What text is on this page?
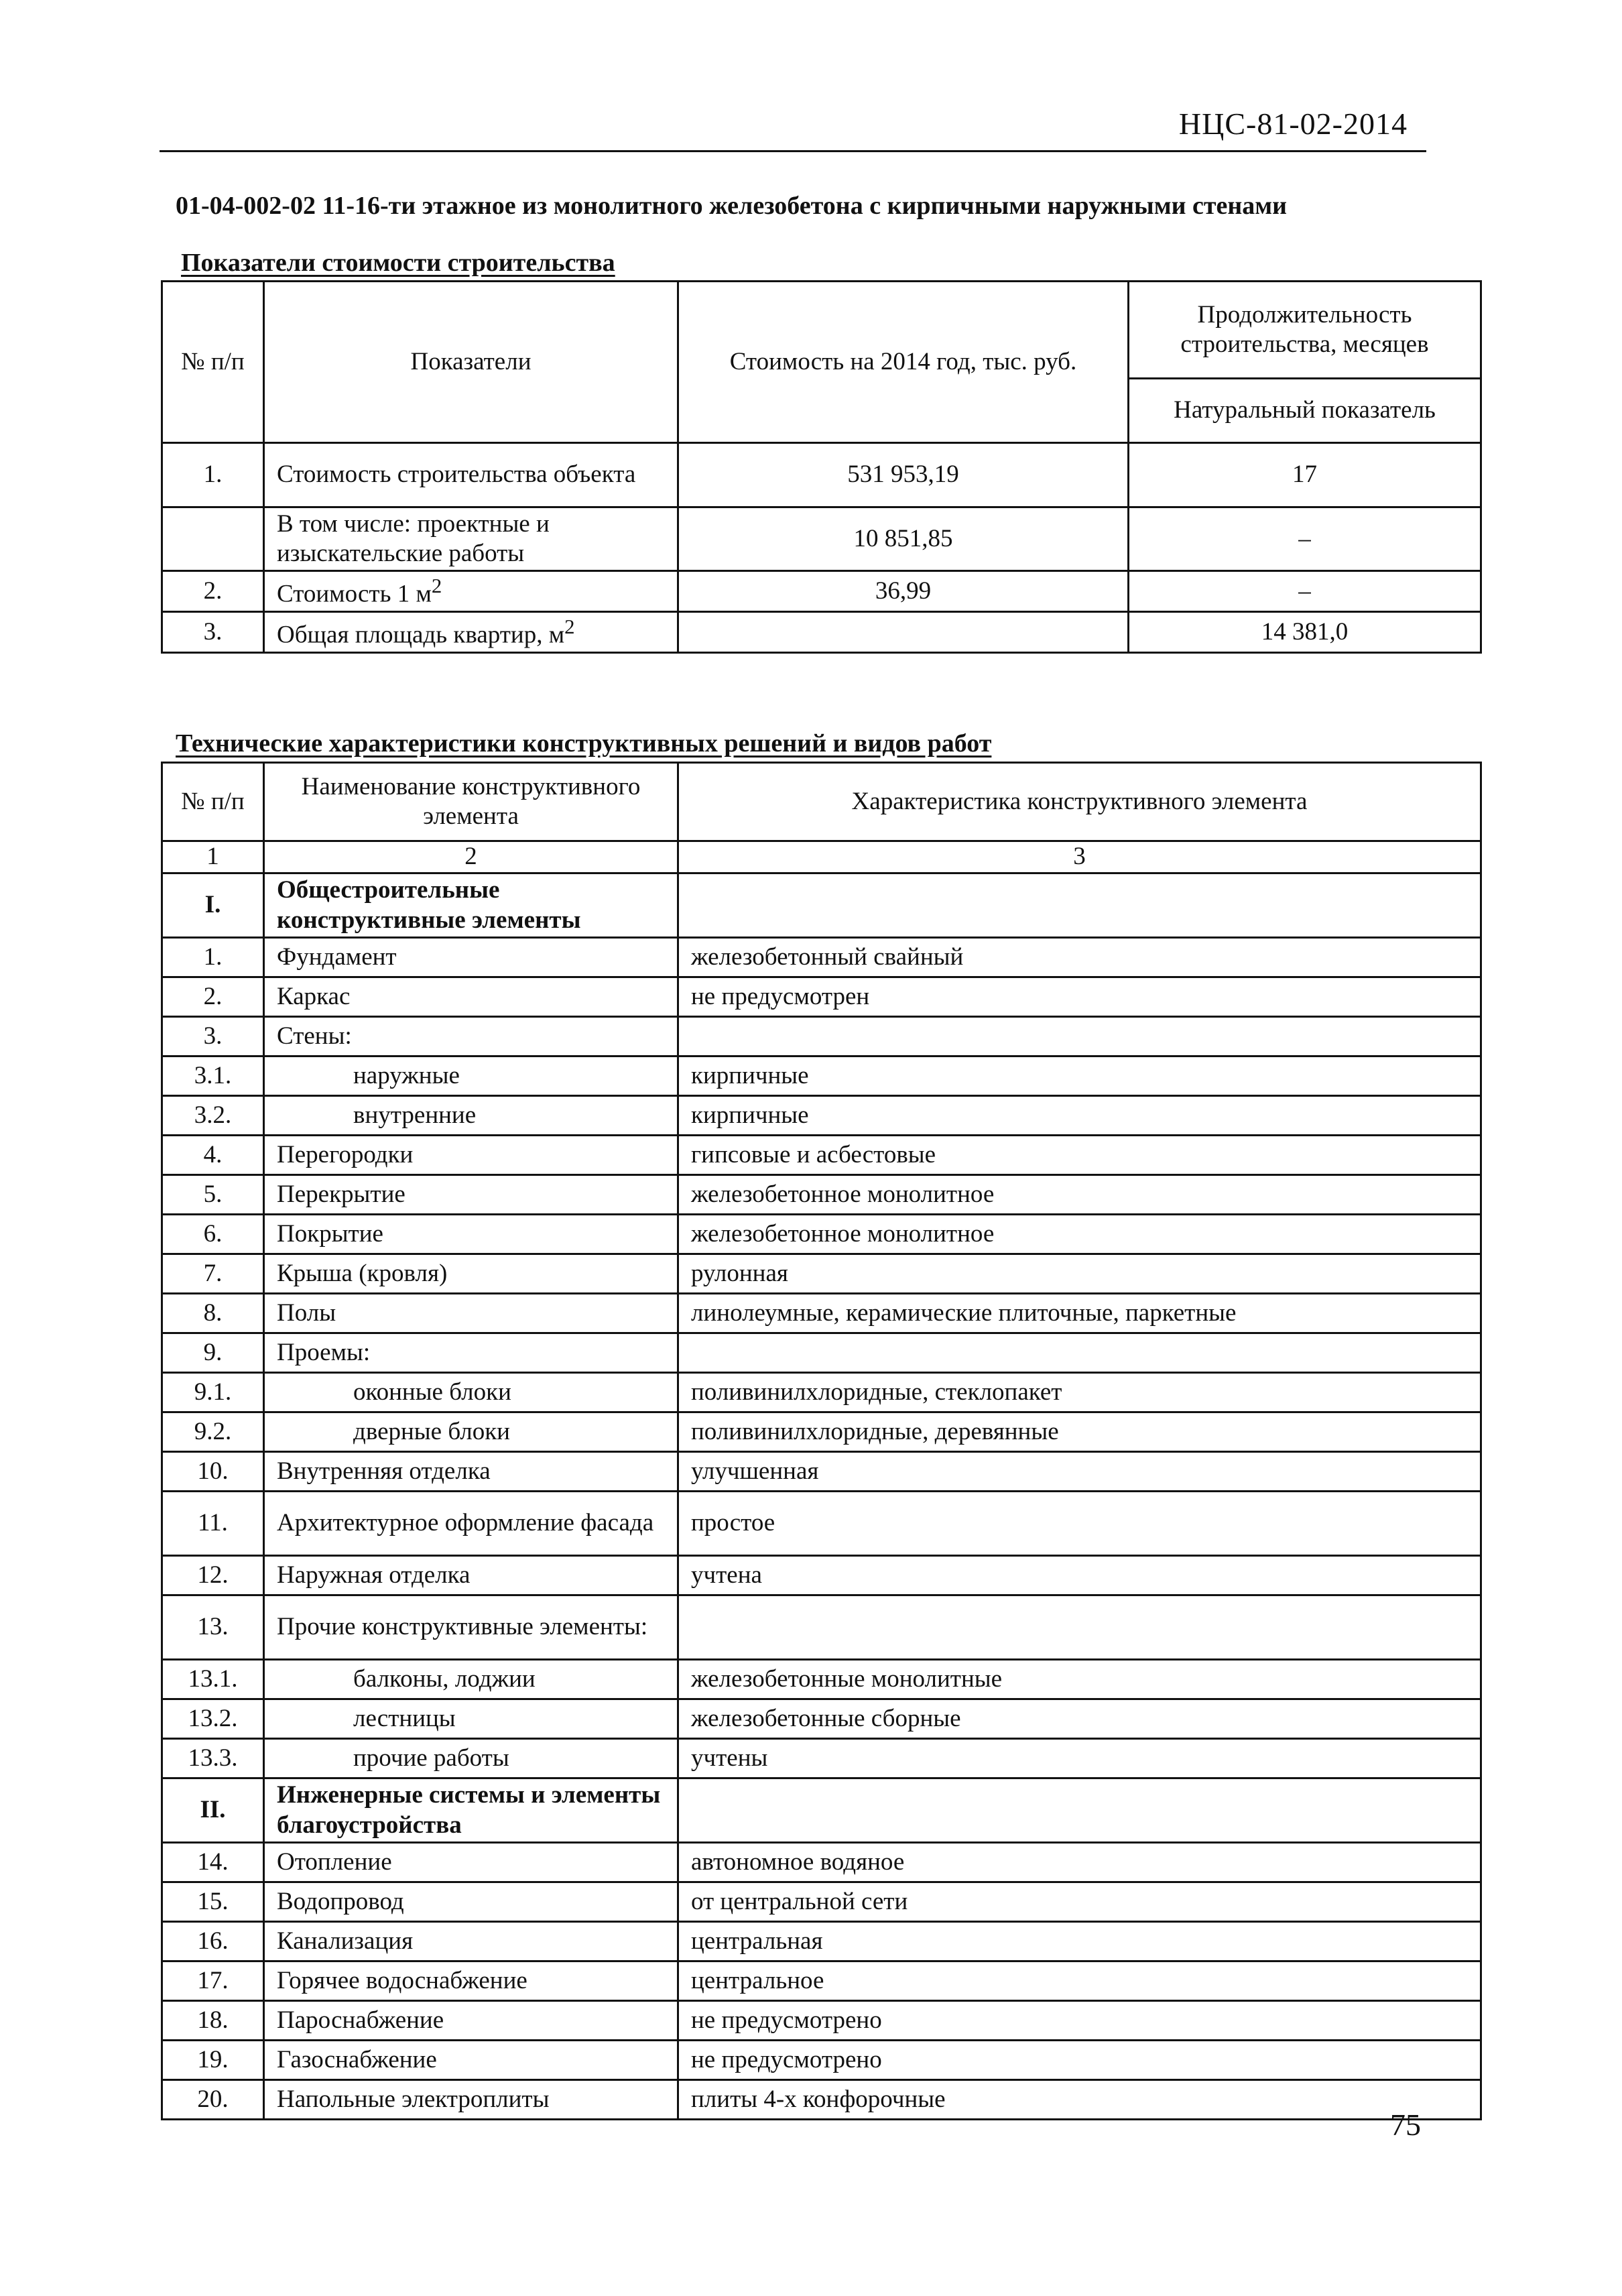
НЦС-81-02-2014
01-04-002-02 11-16-ти этажное из монолитного железобетона с кирпичными наружными стенами
Показатели стоимости строительства
№ п/п	Показатели	Стоимость на 2014 год, тыс. руб.	Продолжительность строительства, месяцев
			Натуральный показатель
1.	Стоимость строительства объекта	531 953,19	17
	В том числе: проектные и изыскательские работы	10 851,85	–
2.	Стоимость 1 $м^2$	36,99	–
3.	Общая площадь квартир, $м^2$		14 381,0
Технические характеристики конструктивных решений и видов работ
№ п/п	Наименование конструктивного элемента	Характеристика конструктивного элемента
1	2	3
I.	Общестроительные конструктивные элементы	
1.	Фундамент	железобетонный свайный
2.	Каркас	не предусмотрен
3.	Стены:	
3.1.	наружные	кирпичные
3.2.	внутренние	кирпичные
4.	Перегородки	гипсовые и асбестовые
5.	Перекрытие	железобетонное монолитное
6.	Покрытие	железобетонное монолитное
7.	Крыша (кровля)	рулонная
8.	Полы	линолеумные, керамические плиточные, паркетные
9.	Проемы:	
9.1.	оконные блоки	поливинилхлоридные, стеклопакет
9.2.	дверные блоки	поливинилхлоридные, деревянные
10.	Внутренняя отделка	улучшенная
11.	Архитектурное оформление фасада	простое
12.	Наружная отделка	учтена
13.	Прочие конструктивные элементы:	
13.1.	балконы, лоджии	железобетонные монолитные
13.2.	лестницы	железобетонные сборные
13.3.	прочие работы	учтены
II.	Инженерные системы и элементы благоустройства	
14.	Отопление	автономное водяное
15.	Водопровод	от центральной сети
16.	Канализация	центральная
17.	Горячее водоснабжение	центральное
18.	Пароснабжение	не предусмотрено
19.	Газоснабжение	не предусмотрено
20.	Напольные электроплиты	плиты 4-х конфорочные
75
